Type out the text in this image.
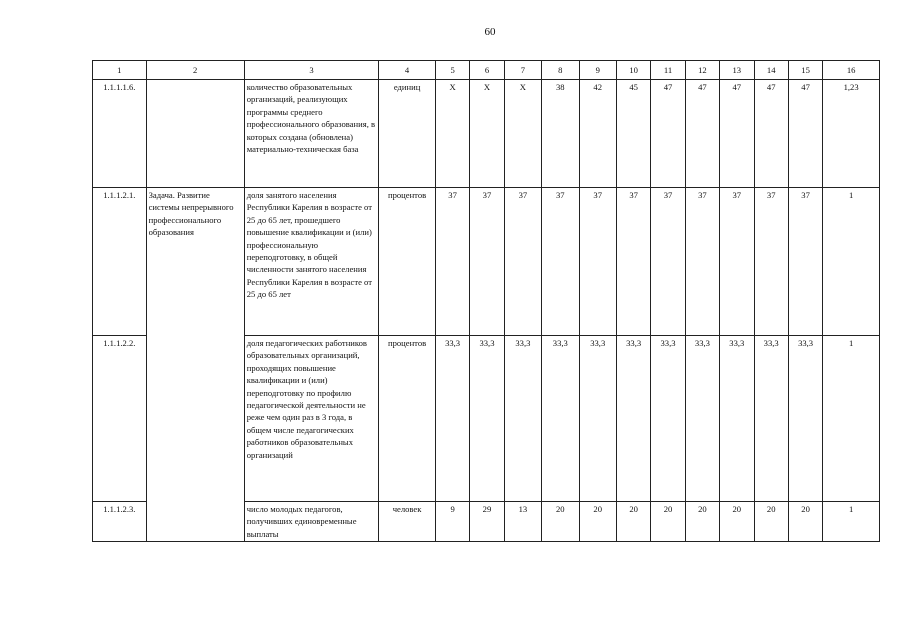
60
1	2	3	4	5	6	7	8	9	10	11	12	13	14	15	16
1.1.1.1.6.		количество образовательных организаций, реализующих программы среднего профессионального образования, в которых создана (обновлена) материально-техническая база	единиц	X	X	X	38	42	45	47	47	47	47	47	1,23
1.1.1.2.1.	Задача. Развитие системы непрерывного профессионального образования	доля занятого населения Республики Карелия в возрасте от 25 до 65 лет, прошедшего повышение квалификации и (или) профессиональную переподготовку, в общей численности занятого населения Республики Карелия в возрасте от 25 до 65 лет	процентов	37	37	37	37	37	37	37	37	37	37	37	1
1.1.1.2.2.		доля педагогических работников образовательных организаций, проходящих повышение квалификации и (или) переподготовку по профилю педагогической деятельности не реже чем один раз в 3 года, в общем числе педагогических работников образовательных организаций	процентов	33,3	33,3	33,3	33,3	33,3	33,3	33,3	33,3	33,3	33,3	33,3	1
1.1.1.2.3.		число молодых педагогов, получивших единовременные выплаты	человек	9	29	13	20	20	20	20	20	20	20	20	1
